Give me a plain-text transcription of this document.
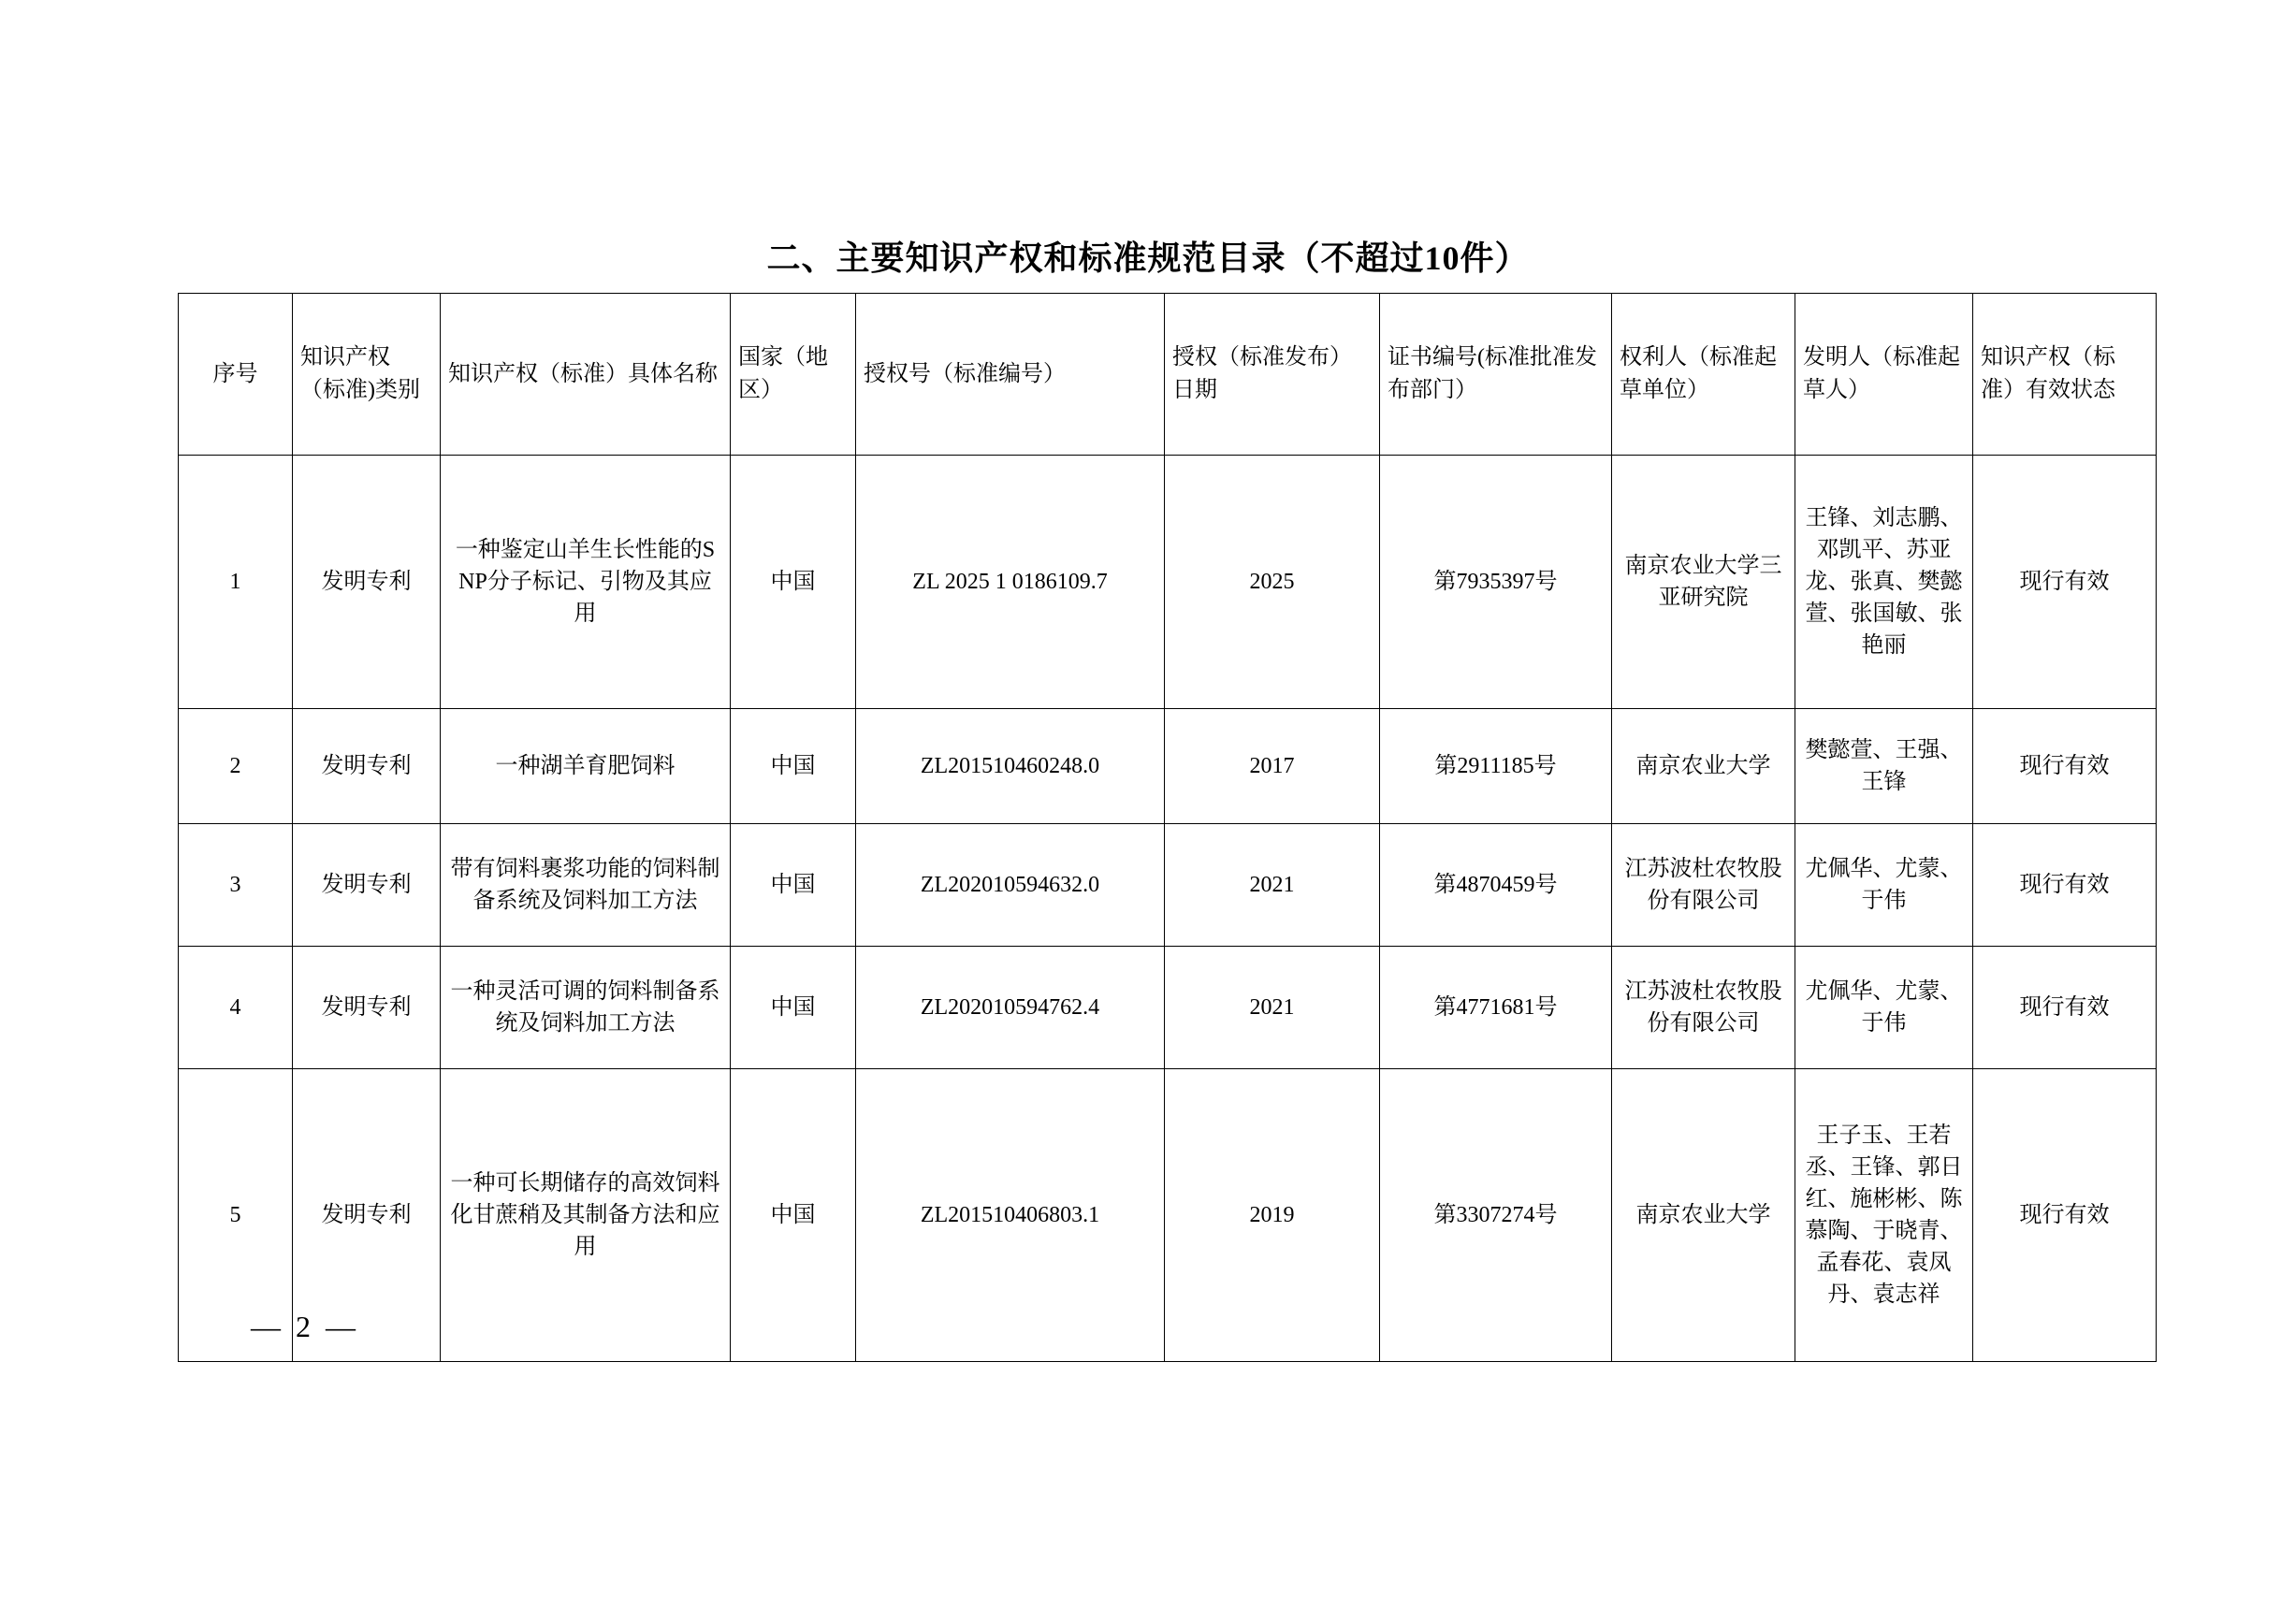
二、主要知识产权和标准规范目录（不超过10件）
序号	知识产权（标准)类别	知识产权（标准）具体名称	国家（地区）	授权号（标准编号）	授权（标准发布）日期	证书编号(标准批准发布部门）	权利人（标准起草单位）	发明人（标准起草人）	知识产权（标准）有效状态
1	发明专利	一种鉴定山羊生长性能的SNP分子标记、引物及其应用	中国	ZL 2025 1 0186109.7	2025	第7935397号	南京农业大学三亚研究院	王锋、刘志鹏、邓凯平、苏亚龙、张真、樊懿萱、张国敏、张艳丽	现行有效
2	发明专利	一种湖羊育肥饲料	中国	ZL201510460248.0	2017	第2911185号	南京农业大学	樊懿萱、王强、王锋	现行有效
3	发明专利	带有饲料裹浆功能的饲料制备系统及饲料加工方法	中国	ZL202010594632.0	2021	第4870459号	江苏波杜农牧股份有限公司	尤佩华、尤蒙、于伟	现行有效
4	发明专利	一种灵活可调的饲料制备系统及饲料加工方法	中国	ZL202010594762.4	2021	第4771681号	江苏波杜农牧股份有限公司	尤佩华、尤蒙、于伟	现行有效
5	发明专利	一种可长期储存的高效饲料化甘蔗稍及其制备方法和应用	中国	ZL201510406803.1	2019	第3307274号	南京农业大学	王子玉、王若丞、王锋、郭日红、施彬彬、陈慕陶、于晓青、孟春花、袁凤丹、袁志祥	现行有效
— 2 —
